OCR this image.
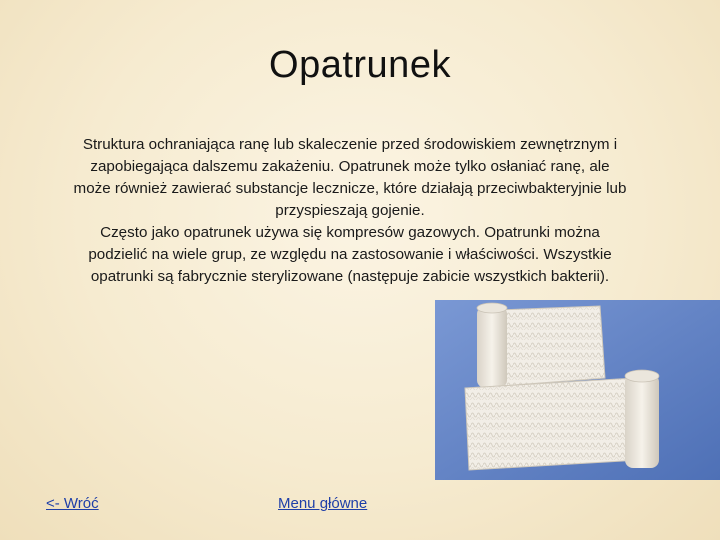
Opatrunek

Struktura ochraniająca ranę lub skaleczenie przed środowiskiem zewnętrznym i zapobiegająca dalszemu zakażeniu. Opatrunek może tylko osłaniać ranę, ale może również zawierać substancje lecznicze, które działają przeciwbakteryjnie lub przyspieszają gojenie.

Często jako opatrunek używa się kompresów gazowych. Opatrunki można podzielić na wiele grup, ze względu na zastosowanie i właściwości. Wszystkie opatrunki są fabrycznie sterylizowane (następuje zabicie wszystkich bakterii).

<- Wróć	Menu główne
